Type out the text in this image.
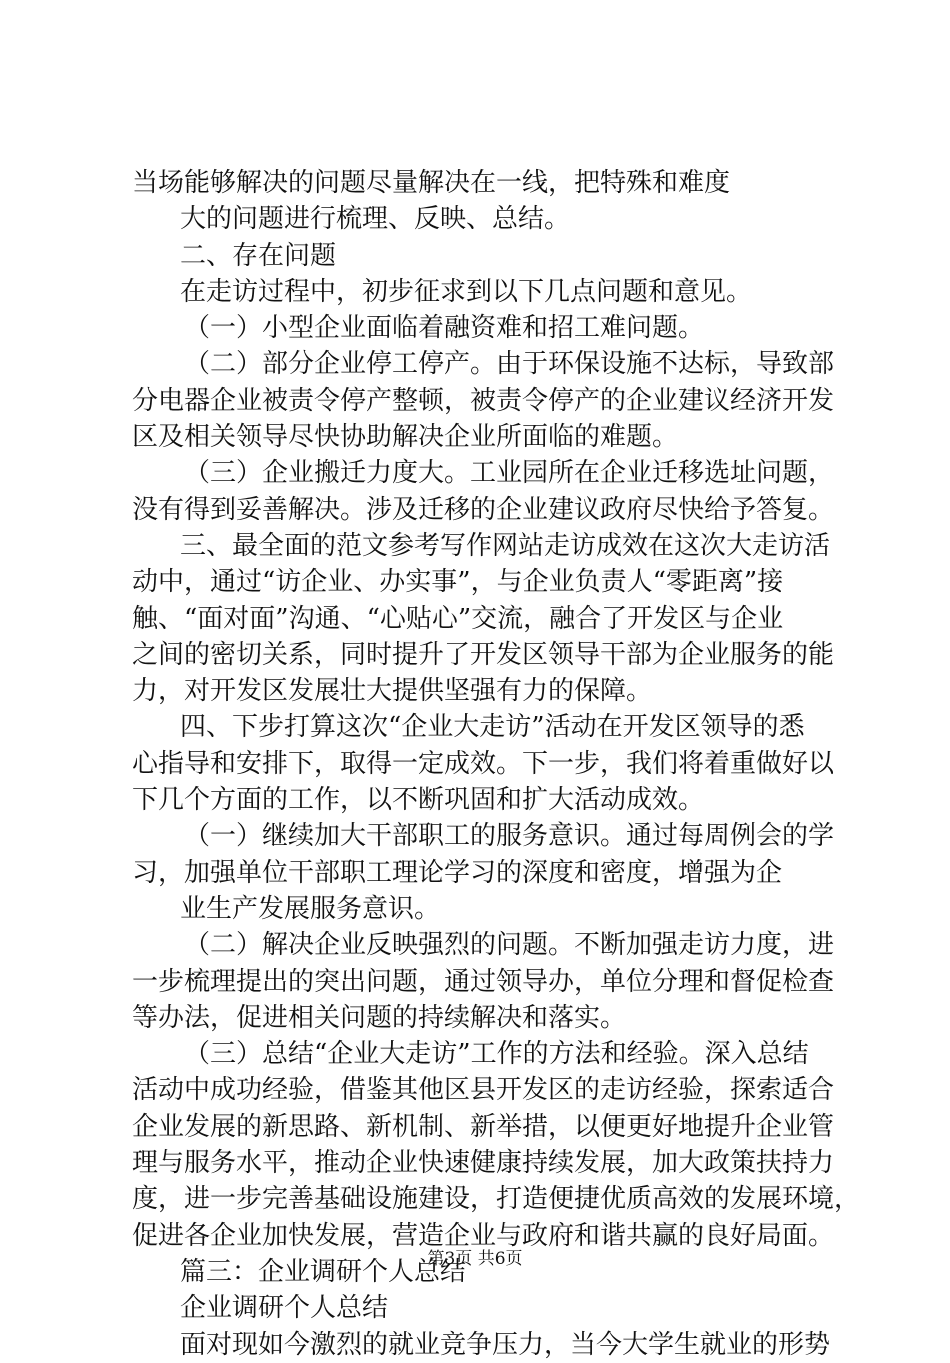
当场能够解决的问题尽量解决在一线，把特殊和难度
大的问题进行梳理、反映、总结。
二、存在问题
在走访过程中，初步征求到以下几点问题和意见。
（一）小型企业面临着融资难和招工难问题。
（二）部分企业停工停产。由于环保设施不达标，导致部
分电器企业被责令停产整顿，被责令停产的企业建议经济开发
区及相关领导尽快协助解决企业所面临的难题。
（三）企业搬迁力度大。工业园所在企业迁移选址问题，
没有得到妥善解决。涉及迁移的企业建议政府尽快给予答复。
三、最全面的范文参考写作网站走访成效在这次大走访活
动中，通过“访企业、办实事”，与企业负责人“零距离”接
触、“面对面”沟通、“心贴心”交流，融合了开发区与企业
之间的密切关系，同时提升了开发区领导干部为企业服务的能
力，对开发区发展壮大提供坚强有力的保障。
四、下步打算这次“企业大走访”活动在开发区领导的悉
心指导和安排下，取得一定成效。下一步，我们将着重做好以
下几个方面的工作，以不断巩固和扩大活动成效。
（一）继续加大干部职工的服务意识。通过每周例会的学
习，加强单位干部职工理论学习的深度和密度，增强为企
业生产发展服务意识。
（二）解决企业反映强烈的问题。不断加强走访力度，进
一步梳理提出的突出问题，通过领导办，单位分理和督促检查
等办法，促进相关问题的持续解决和落实。
（三）总结“企业大走访”工作的方法和经验。深入总结
活动中成功经验，借鉴其他区县开发区的走访经验，探索适合
企业发展的新思路、新机制、新举措，以便更好地提升企业管
理与服务水平，推动企业快速健康持续发展，加大政策扶持力
度，进一步完善基础设施建设，打造便捷优质高效的发展环境，
促进各企业加快发展，营造企业与政府和谐共赢的良好局面。
篇三：企业调研个人总结
企业调研个人总结
面对现如今激烈的就业竞争压力，当今大学生就业的形势
第3页 共6页
